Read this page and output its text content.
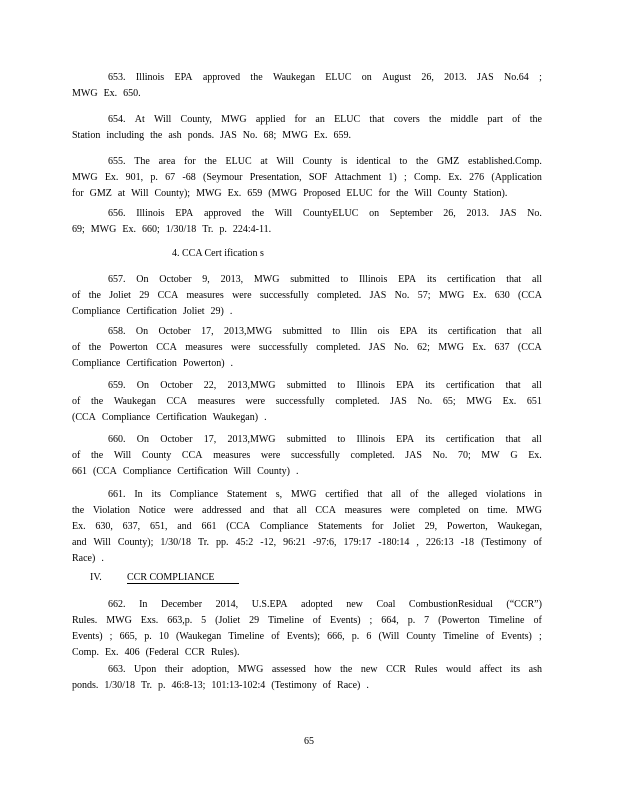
653. Illinois EPA approved the Waukegan ELUC on August 26, 2013. JAS No.64 ;
MWG Ex. 650.
654. At Will County, MWG applied for an ELUC that covers the middle part of the
Station including the ash ponds. JAS No. 68; MWG Ex. 659.
655. The area for the ELUC at Will County is identical to the GMZ established.Comp.
MWG Ex. 901, p. 67 -68 (Seymour Presentation, SOF Attachment 1) ; Comp. Ex. 276 (Application
for GMZ at Will County); MWG Ex. 659 (MWG Proposed ELUC for the Will County Station).
656. Illinois EPA approved the Will CountyELUC on September 26, 2013. JAS No.
69; MWG Ex. 660; 1/30/18 Tr. p. 224:4-11.
4. CCA Cert ification s
657. On October 9, 2013, MWG submitted to Illinois EPA its certification that all
of the Joliet 29 CCA measures were successfully completed. JAS No. 57; MWG Ex. 630 (CCA
Compliance Certification Joliet 29) .
658. On October 17, 2013,MWG submitted to Illin ois EPA its certification that all
of the Powerton CCA measures were successfully completed. JAS No. 62; MWG Ex. 637 (CCA
Compliance Certification Powerton) .
659. On October 22, 2013,MWG submitted to Illinois EPA its certification that all
of the Waukegan CCA measures were successfully completed. JAS No. 65; MWG Ex. 651
(CCA Compliance Certification Waukegan) .
660. On October 17, 2013,MWG submitted to Illinois EPA its certification that all
of the Will County CCA measures were successfully completed. JAS No. 70; MW G Ex.
661 (CCA Compliance Certification Will County) .
661. In its Compliance Statement s, MWG certified that all of the alleged violations in
the Violation Notice were addressed and that all CCA measures were completed on time. MWG
Ex. 630, 637, 651, and 661 (CCA Compliance Statements for Joliet 29, Powerton, Waukegan,
and Will County); 1/30/18 Tr. pp. 45:2 -12, 96:21 -97:6, 179:17 -180:14 , 226:13 -18 (Testimony of
Race) .
IV.	CCR COMPLIANCE
662. In December 2014, U.S.EPA adopted new Coal CombustionResidual (“CCR”)
Rules. MWG Exs. 663,p. 5 (Joliet 29 Timeline of Events) ; 664, p. 7 (Powerton Timeline of
Events) ; 665, p. 10 (Waukegan Timeline of Events); 666, p. 6 (Will County Timeline of Events) ;
Comp. Ex. 406 (Federal CCR Rules).
663. Upon their adoption, MWG assessed how the new CCR Rules would affect its ash
ponds. 1/30/18 Tr. p. 46:8-13; 101:13-102:4 (Testimony of Race) .
65
